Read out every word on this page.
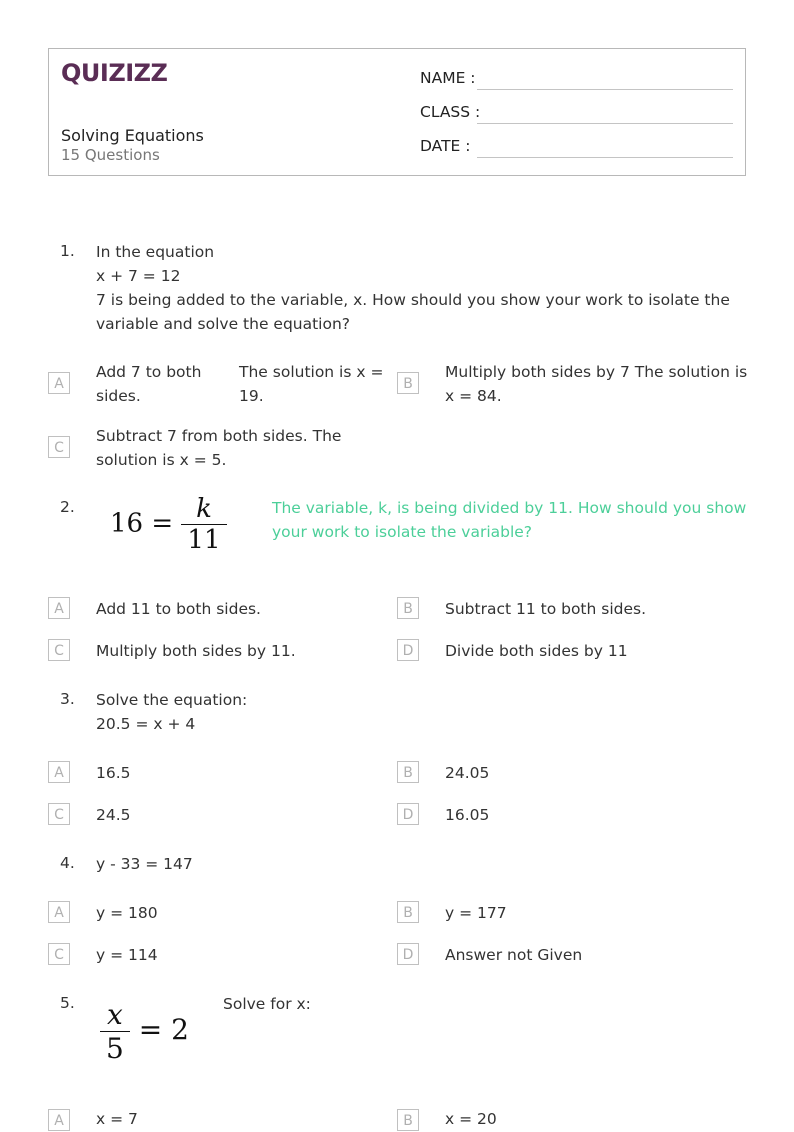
QUIZIZZ
Solving Equations
15 Questions
NAME :
CLASS :
DATE :
1. In the equation
x + 7 = 12
7 is being added to the variable, x. How should you show your work to isolate the
variable and solve the equation?
A
Add 7 to both sides.
The solution is x = 19.
B
Multiply both sides by 7 The solution is x = 84.
C
Subtract 7 from both sides. The solution is x = 5.
2.
$16 = \frac{k}{11}$	The variable, k, is being divided by 11. How should you show
your work to isolate the variable?
A	Add 11 to both sides.	B	Subtract 11 to both sides.
C	Multiply both sides by 11.	D	Divide both sides by 11
3. Solve the equation:
20.5 = x + 4
A	16.5	B	24.05
C	24.5	D	16.05
4. y - 33 = 147
A	y = 180	B	y = 177
C	y = 114	D	Answer not Given
5. $\frac{x}{5} = 2$
Solve for x:
A	x = 7	B	x = 20
